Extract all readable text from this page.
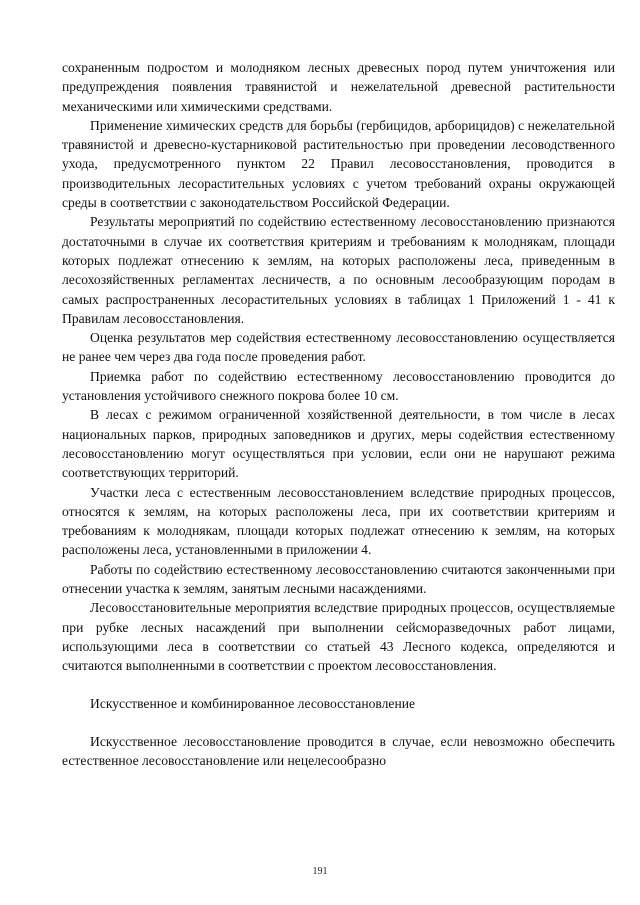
сохраненным подростом и молодняком лесных древесных пород путем уничтожения или предупреждения появления травянистой и нежелательной древесной растительности механическими или химическими средствами.

Применение химических средств для борьбы (гербицидов, арборицидов) с нежелательной травянистой и древесно-кустарниковой растительностью при проведении лесоводственного ухода, предусмотренного пунктом 22 Правил лесовосстановления, проводится в производительных лесорастительных условиях с учетом требований охраны окружающей среды в соответствии с законодательством Российской Федерации.

Результаты мероприятий по содействию естественному лесовосстановлению признаются достаточными в случае их соответствия критериям и требованиям к молоднякам, площади которых подлежат отнесению к землям, на которых расположены леса, приведенным в лесохозяйственных регламентах лесничеств, а по основным лесообразующим породам в самых распространенных лесорастительных условиях в таблицах 1 Приложений 1 - 41 к Правилам лесовосстановления.

Оценка результатов мер содействия естественному лесовосстановлению осуществляется не ранее чем через два года после проведения работ.

Приемка работ по содействию естественному лесовосстановлению проводится до установления устойчивого снежного покрова более 10 см.

В лесах с режимом ограниченной хозяйственной деятельности, в том числе в лесах национальных парков, природных заповедников и других, меры содействия естественному лесовосстановлению могут осуществляться при условии, если они не нарушают режима соответствующих территорий.

Участки леса с естественным лесовосстановлением вследствие природных процессов, относятся к землям, на которых расположены леса, при их соответствии критериям и требованиям к молоднякам, площади которых подлежат отнесению к землям, на которых расположены леса, установленными в приложении 4.

Работы по содействию естественному лесовосстановлению считаются законченными при отнесении участка к землям, занятым лесными насаждениями.

Лесовосстановительные мероприятия вследствие природных процессов, осуществляемые при рубке лесных насаждений при выполнении сейсморазведочных работ лицами, использующими леса в соответствии со статьей 43 Лесного кодекса, определяются и считаются выполненными в соответствии с проектом лесовосстановления.

Искусственное и комбинированное лесовосстановление

Искусственное лесовосстановление проводится в случае, если невозможно обеспечить естественное лесовосстановление или нецелесообразно

191
